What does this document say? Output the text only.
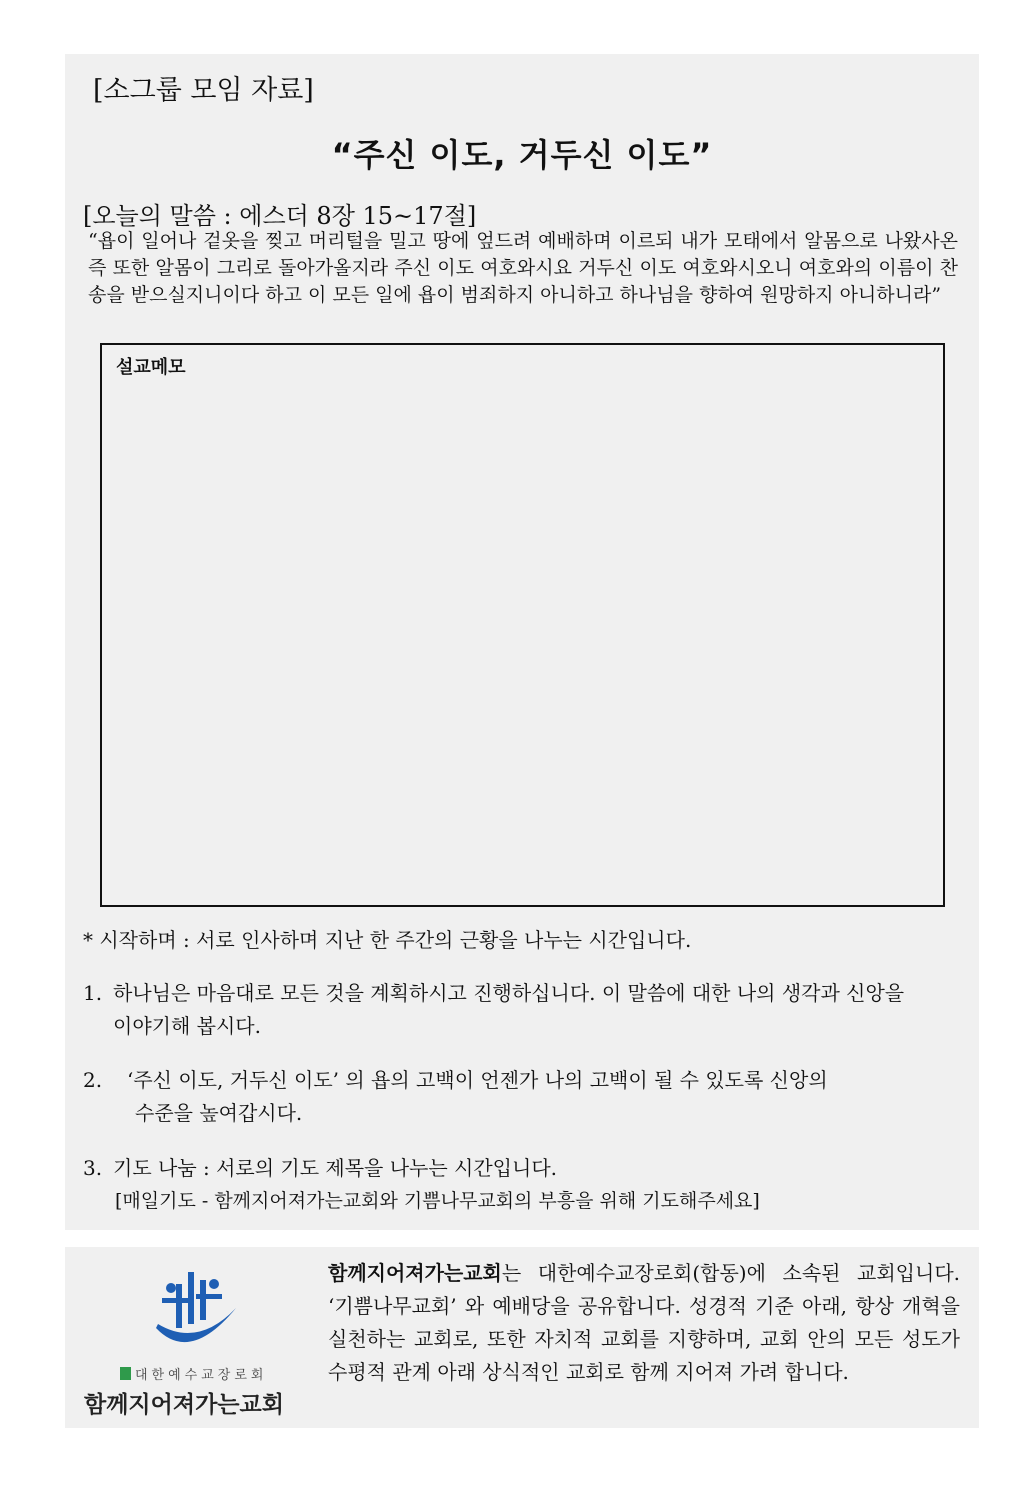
[소그룹 모임 자료]
“주신 이도, 거두신 이도”
[오늘의 말씀 : 에스더 8장 15~17절]
“욥이 일어나 겉옷을 찢고 머리털을 밀고 땅에 엎드려 예배하며 이르되 내가 모태에서 알몸으로 나왔사온즉 또한 알몸이 그리로 돌아가올지라 주신 이도 여호와시요 거두신 이도 여호와시오니 여호와의 이름이 찬송을 받으실지니이다 하고 이 모든 일에 욥이 범죄하지 아니하고 하나님을 향하여 원망하지 아니하니라”
설교메모
* 시작하며 : 서로 인사하며 지난 한 주간의 근황을 나누는 시간입니다.
1. 하나님은 마음대로 모든 것을 계획하시고 진행하십니다. 이 말씀에 대한 나의 생각과 신앙을
이야기해 봅시다.
2. ‘주신 이도, 거두신 이도’ 의 욥의 고백이 언젠가 나의 고백이 될 수 있도록 신앙의
수준을 높여갑시다.
3. 기도 나눔 : 서로의 기도 제목을 나누는 시간입니다.
[매일기도 - 함께지어져가는교회와 기쁨나무교회의 부흥을 위해 기도해주세요]
대한예수교장로회
함께지어져가는교회
함께지어져가는교회는 대한예수교장로회(합동)에 소속된 교회입니다. ‘기쁨나무교회’ 와 예배당을 공유합니다. 성경적 기준 아래, 항상 개혁을 실천하는 교회로, 또한 자치적 교회를 지향하며, 교회 안의 모든 성도가 수평적 관계 아래 상식적인 교회로 함께 지어져 가려 합니다.
